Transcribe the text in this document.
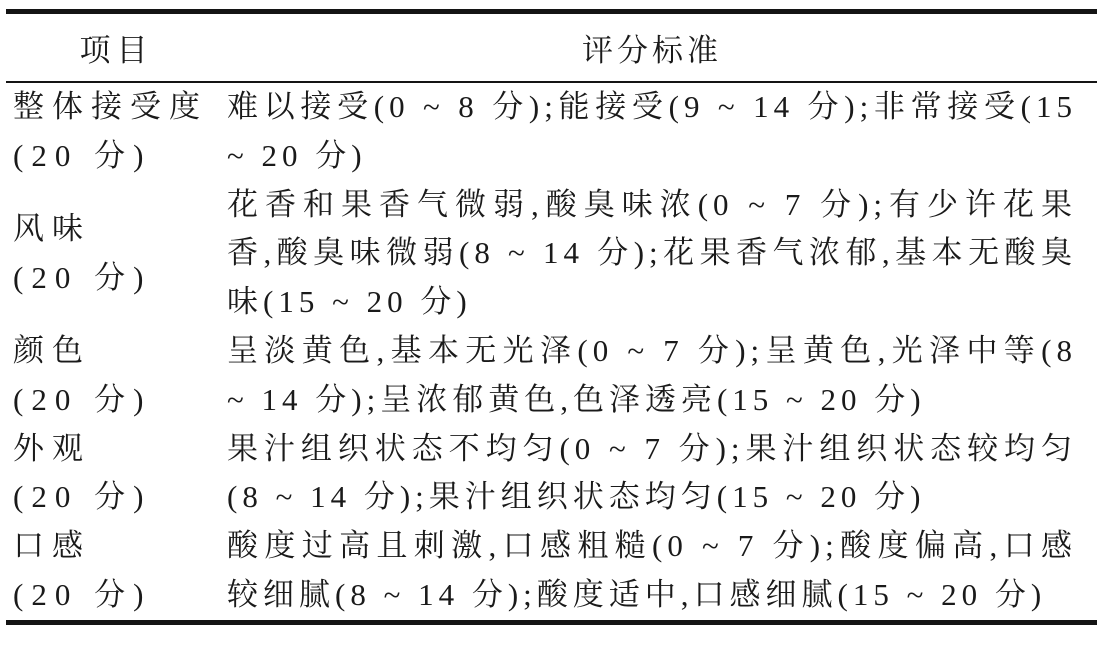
项目	评分标准
整体接受度
(20 分)
难以接受(0 ~ 8 分);能接受(9 ~ 14 分);非常接受(15 ~ 20 分)
风味
(20 分)
花香和果香气微弱,酸臭味浓(0 ~ 7 分);有少许花果香,酸臭味微弱(8 ~ 14 分);花果香气浓郁,基本无酸臭味(15 ~ 20 分)
颜色
(20 分)
呈淡黄色,基本无光泽(0 ~ 7 分);呈黄色,光泽中等(8 ~ 14 分);呈浓郁黄色,色泽透亮(15 ~ 20 分)
外观
(20 分)
果汁组织状态不均匀(0 ~ 7 分);果汁组织状态较均匀(8 ~ 14 分);果汁组织状态均匀(15 ~ 20 分)
口感
(20 分)
酸度过高且刺激,口感粗糙(0 ~ 7 分);酸度偏高,口感较细腻(8 ~ 14 分);酸度适中,口感细腻(15 ~ 20 分)
